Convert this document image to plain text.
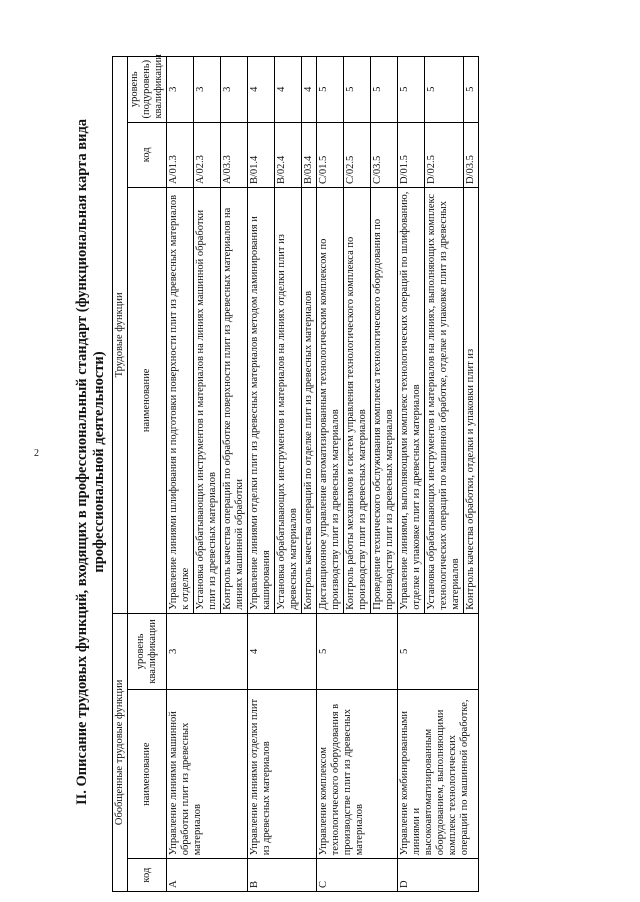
2 II. Описание трудовых функций, входящих в профессиональный стандарт (функциональная карта вида профессиональной деятельности)
Обобщенные трудовые функции			Трудовые функции		
код	наименование	уровень квалификации	наименование	код	уровень (подуровень) квалификации
A	Управление линиями машинной обработки плит из древесных материалов	3	Управление линиями шлифования и подготовки поверхности плит из древесных материалов к отделке	A/01.3	3
			Установка обрабатывающих инструментов и материалов на линиях машинной обработки плит из древесных материалов	A/02.3	3
			Контроль качества операций по обработке поверхности плит из древесных материалов на линиях машинной обработки	A/03.3	3
B	Управление линиями отделки плит из древесных материалов	4	Управление линиями отделки плит из древесных материалов методом ламинирования и каширования	B/01.4	4
			Установка обрабатывающих инструментов и материалов на линиях отделки плит из древесных материалов	B/02.4	4
			Контроль качества операций по отделке плит из древесных материалов	B/03.4	4
C	Управление комплексом технологического оборудования в производстве плит из древесных материалов	5	Дистанционное управление автоматизированным технологическим комплексом по производству плит из древесных материалов	C/01.5	5
			Контроль работы механизмов и систем управления технологического комплекса по производству плит из древесных материалов	C/02.5	5
			Проведение технического обслуживания комплекса технологического оборудования по производству плит из древесных материалов	C/03.5	5
D	Управление комбинированными линиями и высокоавтоматизированным оборудованием, выполняющими комплекс технологических операций по машинной обработке,	5	Управление линиями, выполняющими комплекс технологических операций по шлифованию, отделке и упаковке плит из древесных материалов	D/01.5	5
			Установка обрабатывающих инструментов и материалов на линиях, выполняющих комплекс технологических операций по машинной обработке, отделке и упаковке плит из древесных материалов	D/02.5	5
			Контроль качества обработки, отделки и упаковки плит из	D/03.5	5
